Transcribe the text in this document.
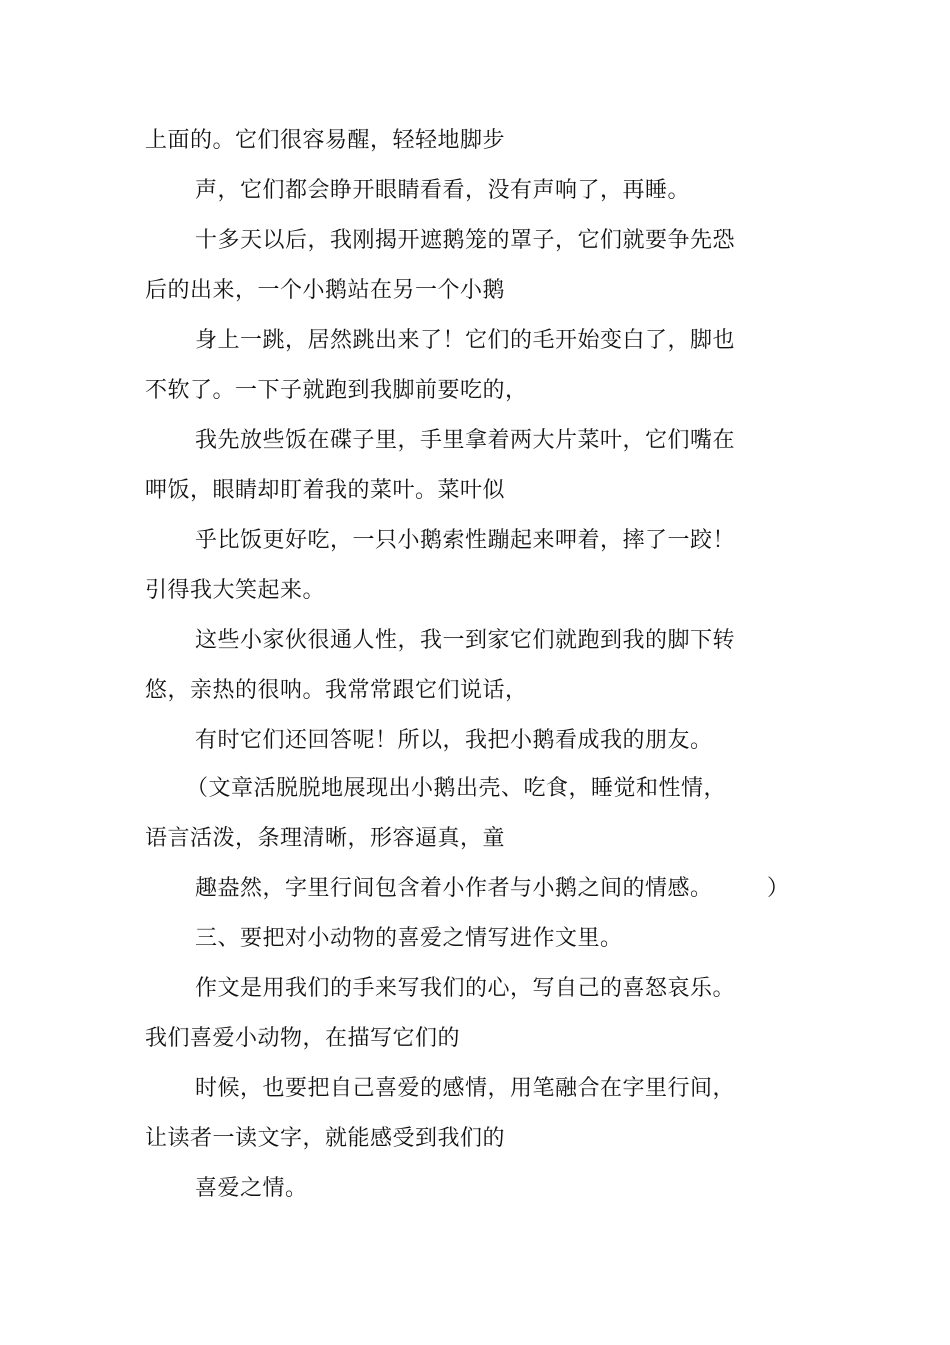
上面的。它们很容易醒，轻轻地脚步
声，它们都会睁开眼睛看看，没有声响了，再睡。
十多天以后，我刚揭开遮鹅笼的罩子，它们就要争先恐
后的出来，一个小鹅站在另一个小鹅
身上一跳，居然跳出来了！它们的毛开始变白了，脚也
不软了。一下子就跑到我脚前要吃的，
我先放些饭在碟子里，手里拿着两大片菜叶，它们嘴在
呷饭，眼睛却盯着我的菜叶。菜叶似
乎比饭更好吃，一只小鹅索性蹦起来呷着，摔了一跤！
引得我大笑起来。
这些小家伙很通人性，我一到家它们就跑到我的脚下转
悠，亲热的很呐。我常常跟它们说话，
有时它们还回答呢！所以，我把小鹅看成我的朋友。
（文章活脱脱地展现出小鹅出壳、吃食，睡觉和性情，
语言活泼，条理清晰，形容逼真，童
趣盎然，字里行间包含着小作者与小鹅之间的情感。 ）
三、要把对小动物的喜爱之情写进作文里。
作文是用我们的手来写我们的心，写自己的喜怒哀乐。
我们喜爱小动物，在描写它们的
时候，也要把自己喜爱的感情，用笔融合在字里行间，
让读者一读文字，就能感受到我们的
喜爱之情。
